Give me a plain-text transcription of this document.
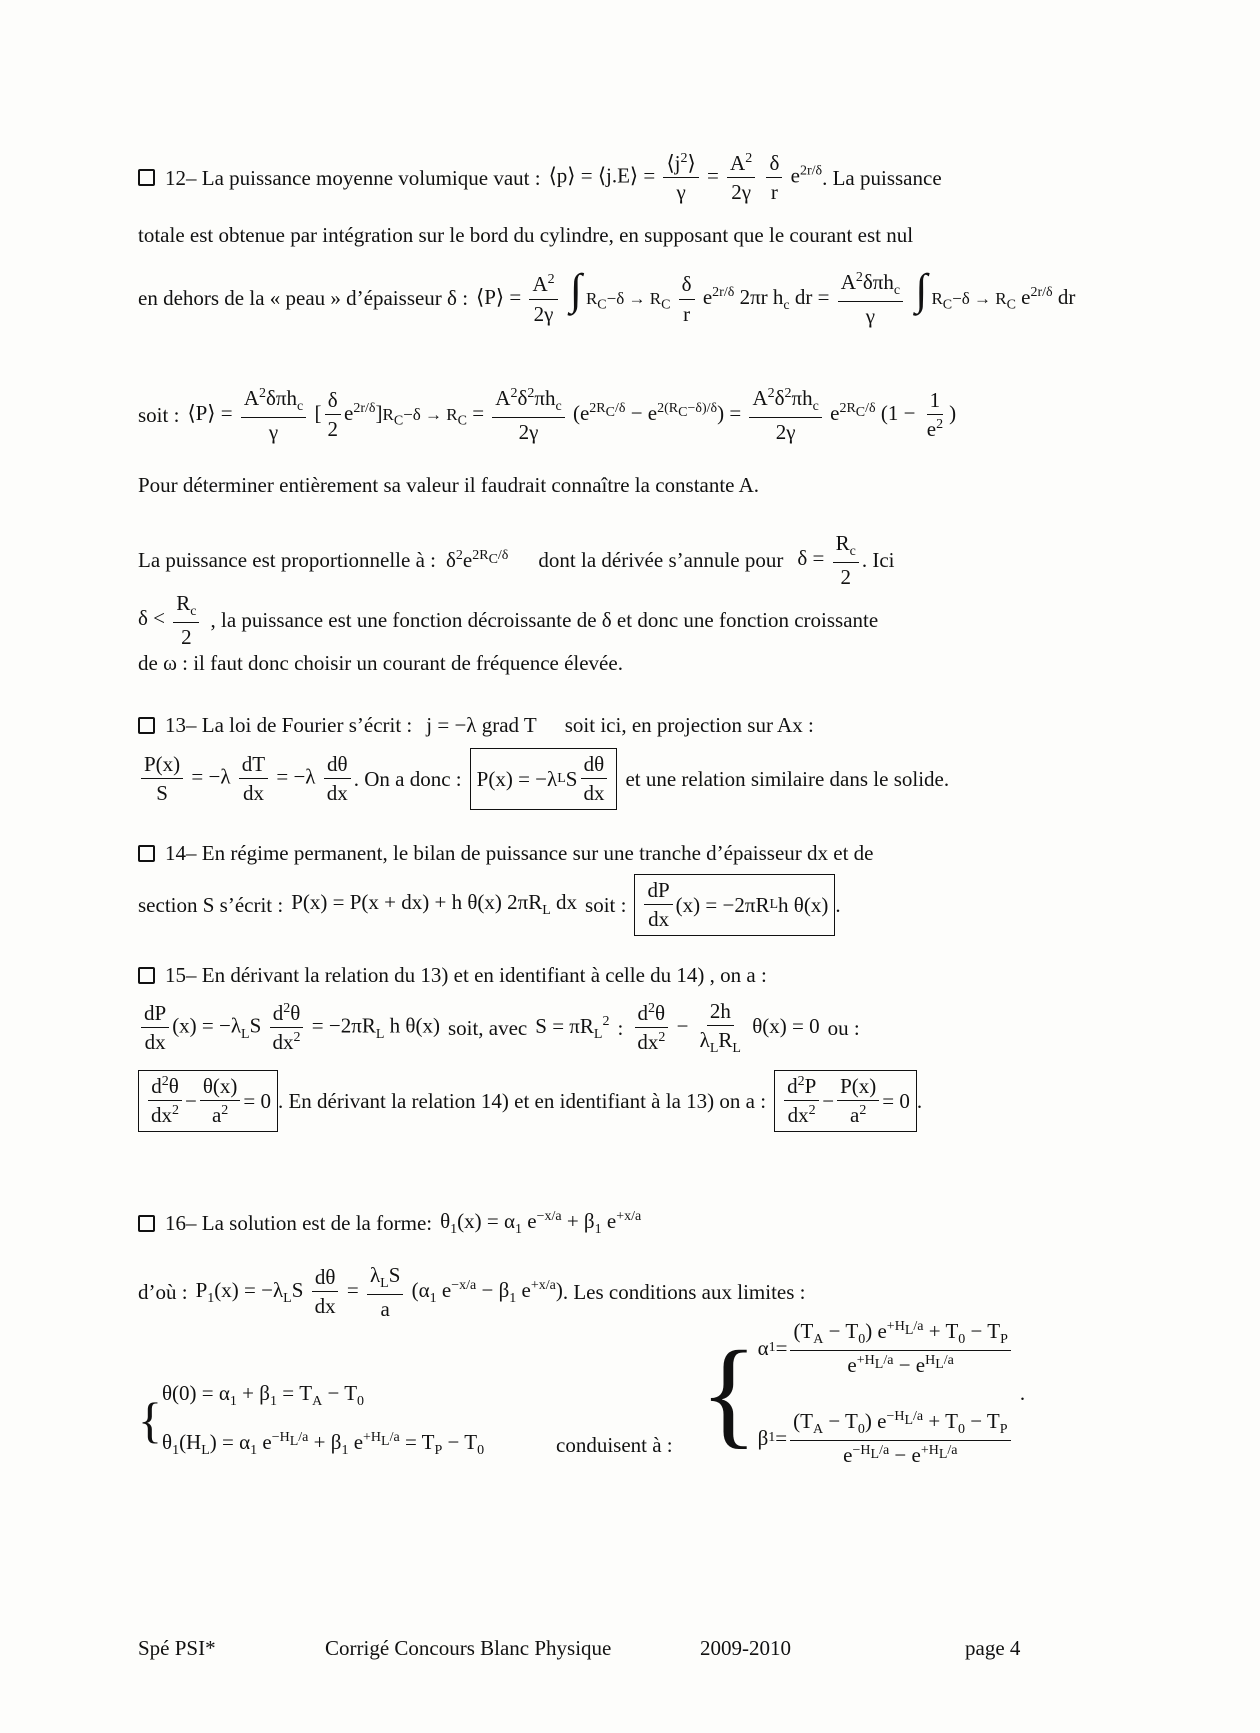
12– La puissance moyenne volumique vaut : ⟨p⟩ = ⟨j.E⟩ = $\frac{⟨j^2⟩}{\gamma} = \frac{A^2}{2\gamma}$
$\frac{\delta}{r} e^{2r/\delta}$ . La puissance
totale est obtenue par intégration sur le bord du cylindre, en supposant que le courant est nul
en dehors de la « peau » d’épaisseur δ : ⟨P⟩ = $\frac{A^2}{2\gamma}$ ∫ $R_C-\delta \to R_C \frac{\delta}{r} e^{2r/\delta}$ 2πr $h_c$ dr = $\frac{A^2\delta\pi h_c}{\gamma}$ ∫ $R_C-\delta \to R_C$ $e^{2r/\delta}$ dr
soit : ⟨P⟩ = $\frac{A^2\delta\pi h_c}{\gamma}$ [ $\frac{\delta}{2} e^{2r/\delta}]R_C-\delta \to R_C = \frac{A^2\delta^2\pi h_c}{2\gamma} (e^{2R_C/\delta} - e^{2(R_C-\delta)/\delta}) = \frac{A^2\delta^2\pi h_c}{2\gamma} e^{2R_C/\delta}$ ($1 - \frac{1}{e^2}$ )
Pour déterminer entièrement sa valeur il faudrait connaître la constante A.
La puissance est proportionnelle à : $\delta^2e^{2R_C/\delta}$ dont la dérivée s’annule pour $\delta = \frac{R_c}{2}$ . Ici
$\delta < \frac{R_c}{2}$ , la puissance est une fonction décroissante de δ et donc une fonction croissante
de ω : il faut donc choisir un courant de fréquence élevée.
13– La loi de Fourier s’écrit : j = −λ grad T soit ici, en projection sur Ax :
$\frac{P(x)}{S} = -\lambda \frac{dT}{dx} = -\lambda \frac{d\theta}{dx}$ . On a donc : P(x) = −λ L S $\frac{d\theta}{dx}$ et une relation similaire dans le solide.
14– En régime permanent, le bilan de puissance sur une tranche d’épaisseur dx et de
section S s’écrit : P(x) = P(x + dx) + h θ(x) $2\pi R_L$ dx soit : $\frac{dP}{dx} (x) = -2\pi R$ L h θ(x) .
15– En dérivant la relation du 13) et en identifiant à celle du 14) , on a :
$\frac{dP}{dx} (x) = -\lambda_LS \frac{d^2\theta}{dx^2} = -2\pi R_L$ h θ(x) soit, avec $S = \pi R_L^2$ : $\frac{d^2\theta}{dx^2} - \frac{2h}{\lambda_LR_L} \theta(x) = 0$ ou :
$\frac{d^2\theta}{dx^2} - \frac{\theta(x)}{a^2} = 0$ . En dérivant la relation 14) et en identifiant à la 13) on a : $\frac{d^2P}{dx^2} - \frac{P(x)}{a^2} = 0$ .
16– La solution est de la forme: $\theta_1(x) = \alpha_1$ $e^{-x/a} + \beta_1$ $e^{+x/a}$
d’où : $P_1(x) = -\lambda_LS \frac{d\theta}{dx} = \frac{\lambda_LS}{a} (\alpha_1$ $e^{-x/a} - \beta_1$ $e^{+x/a}$) . Les conditions aux limites :
{ $\theta(0) = \alpha_1 + \beta_1 = T_A - T_0$
$\theta_1(H_L) = \alpha_1$ $e^{-H_L/a} + \beta_1$ $e^{+H_L/a} = T_P - T_0$	conduisent à : { α $1 = \frac{(T_A - T_0) e^{+H_L/a} + T_0 - T_P}{e^{+H_L/a} - e^{H_L/a}}$
β $1 = \frac{(T_A - T_0) e^{-H_L/a} + T_0 - T_P}{e^{-H_L/a} - e^{+H_L/a}}$
.
Spé PSI*	Corrigé Concours Blanc Physique	2009-2010	page 4
